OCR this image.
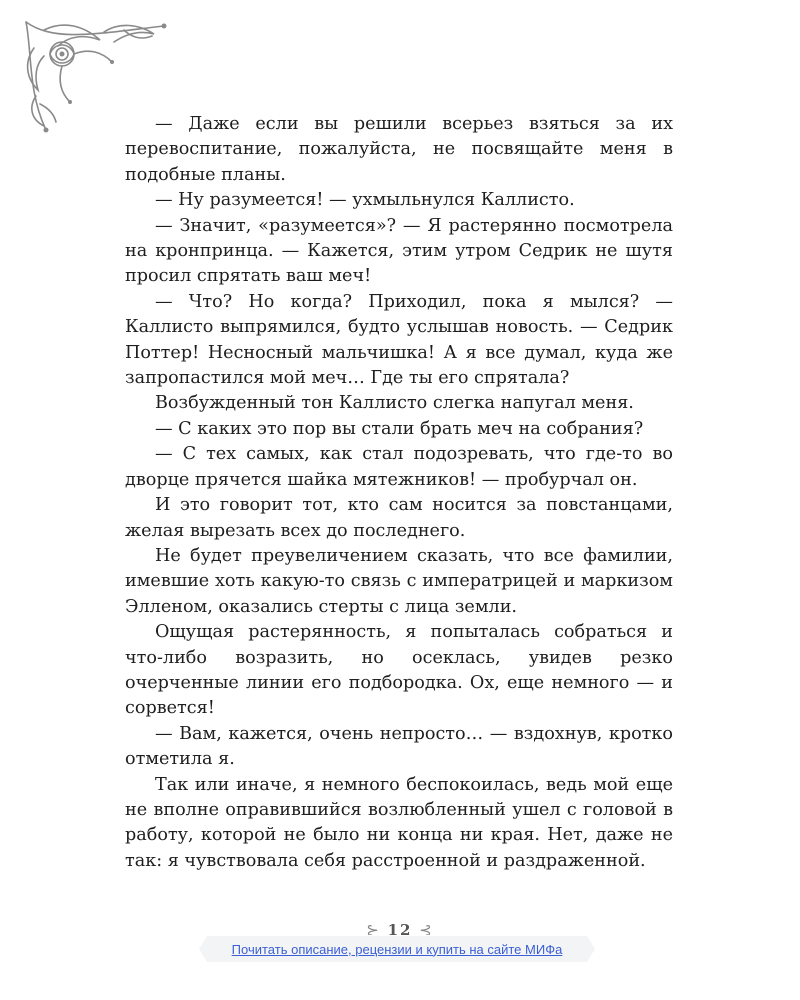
— Даже если вы решили всерьез взяться за их перевоспитание, пожалуйста, не посвящайте меня в подобные планы.

— Ну разумеется! — ухмыльнулся Каллисто.

— Значит, «разумеется»? — Я растерянно посмотрела на кронпринца. — Кажется, этим утром Седрик не шутя просил спрятать ваш меч!

— Что? Но когда? Приходил, пока я мылся? — Каллисто выпрямился, будто услышав новость. — Седрик Поттер! Несносный мальчишка! А я все думал, куда же запропастился мой меч… Где ты его спрятала?

Возбужденный тон Каллисто слегка напугал меня.

— С каких это пор вы стали брать меч на собрания?

— С тех самых, как стал подозревать, что где-то во дворце прячется шайка мятежников! — пробурчал он.

И это говорит тот, кто сам носится за повстанцами, желая вырезать всех до последнего.

Не будет преувеличением сказать, что все фамилии, имевшие хоть какую-то связь с императрицей и маркизом Элленом, оказались стерты с лица земли.

Ощущая растерянность, я попыталась собраться и что-либо возразить, но осеклась, увидев резко очерченные линии его подбородка. Ох, еще немного — и сорвется!

— Вам, кажется, очень непросто… — вздохнув, кротко отметила я.

Так или иначе, я немного беспокоилась, ведь мой еще не вполне оправившийся возлюбленный ушел с головой в работу, которой не было ни конца ни края. Нет, даже не так: я чувствовала себя расстроенной и раздраженной.

⊱ 12 ⊰
Почитать описание, рецензии и купить на сайте МИФа
